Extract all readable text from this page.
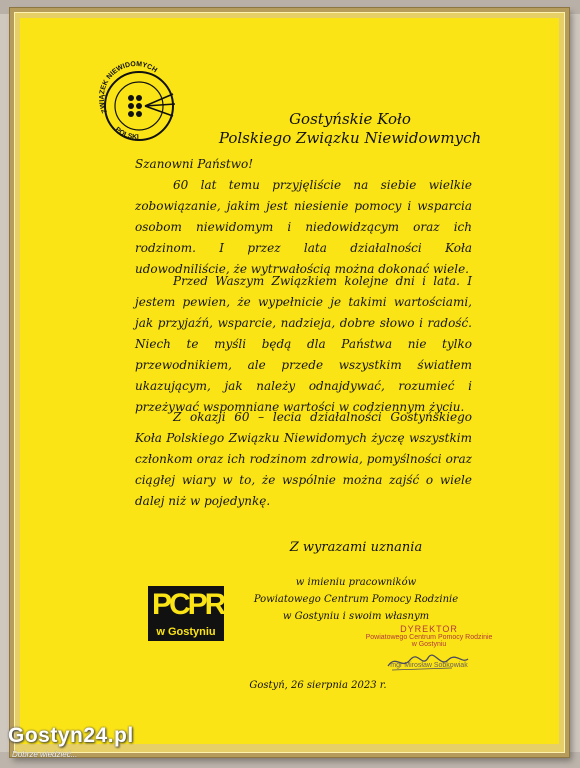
ZWIĄZEK NIEWIDOMYCH
POLSKI
Gostyńskie Koło
Polskiego Związku Niewidowmych
Szanowni Państwo!
60 lat temu przyjęliście na siebie wielkie zobowiązanie, jakim jest niesienie pomocy i wsparcia osobom niewidomym i niedowidzącym oraz ich rodzinom. I przez lata działalności Koła udowodniliście, że wytrwałością można dokonać wiele.
Przed Waszym Związkiem kolejne dni i lata. I jestem pewien, że wypełnicie je takimi wartościami, jak przyjaźń, wsparcie, nadzieja, dobre słowo i radość. Niech te myśli będą dla Państwa nie tylko przewodnikiem, ale przede wszystkim światłem ukazującym, jak należy odnajdywać, rozumieć i przeżywać wspomniane wartości w codziennym życiu.
Z okazji 60 – lecia działalności Gostyńskiego Koła Polskiego Związku Niewidomych życzę wszystkim członkom oraz ich rodzinom zdrowia, pomyślności oraz ciągłej wiary w to, że wspólnie można zajść o wiele dalej niż w pojedynkę.
Z wyrazami uznania
w imieniu pracowników
Powiatowego Centrum Pomocy Rodzinie
w Gostyniu i swoim własnym
PCPR
w Gostyniu	DYREKTOR
Powiatowego Centrum Pomocy Rodzinie
w Gostyniu
mgr Mirosław Sobkowiak
Gostyń, 26 sierpnia 2023 r.
Gostyn24.pl
Dobrze wiedzieć...
